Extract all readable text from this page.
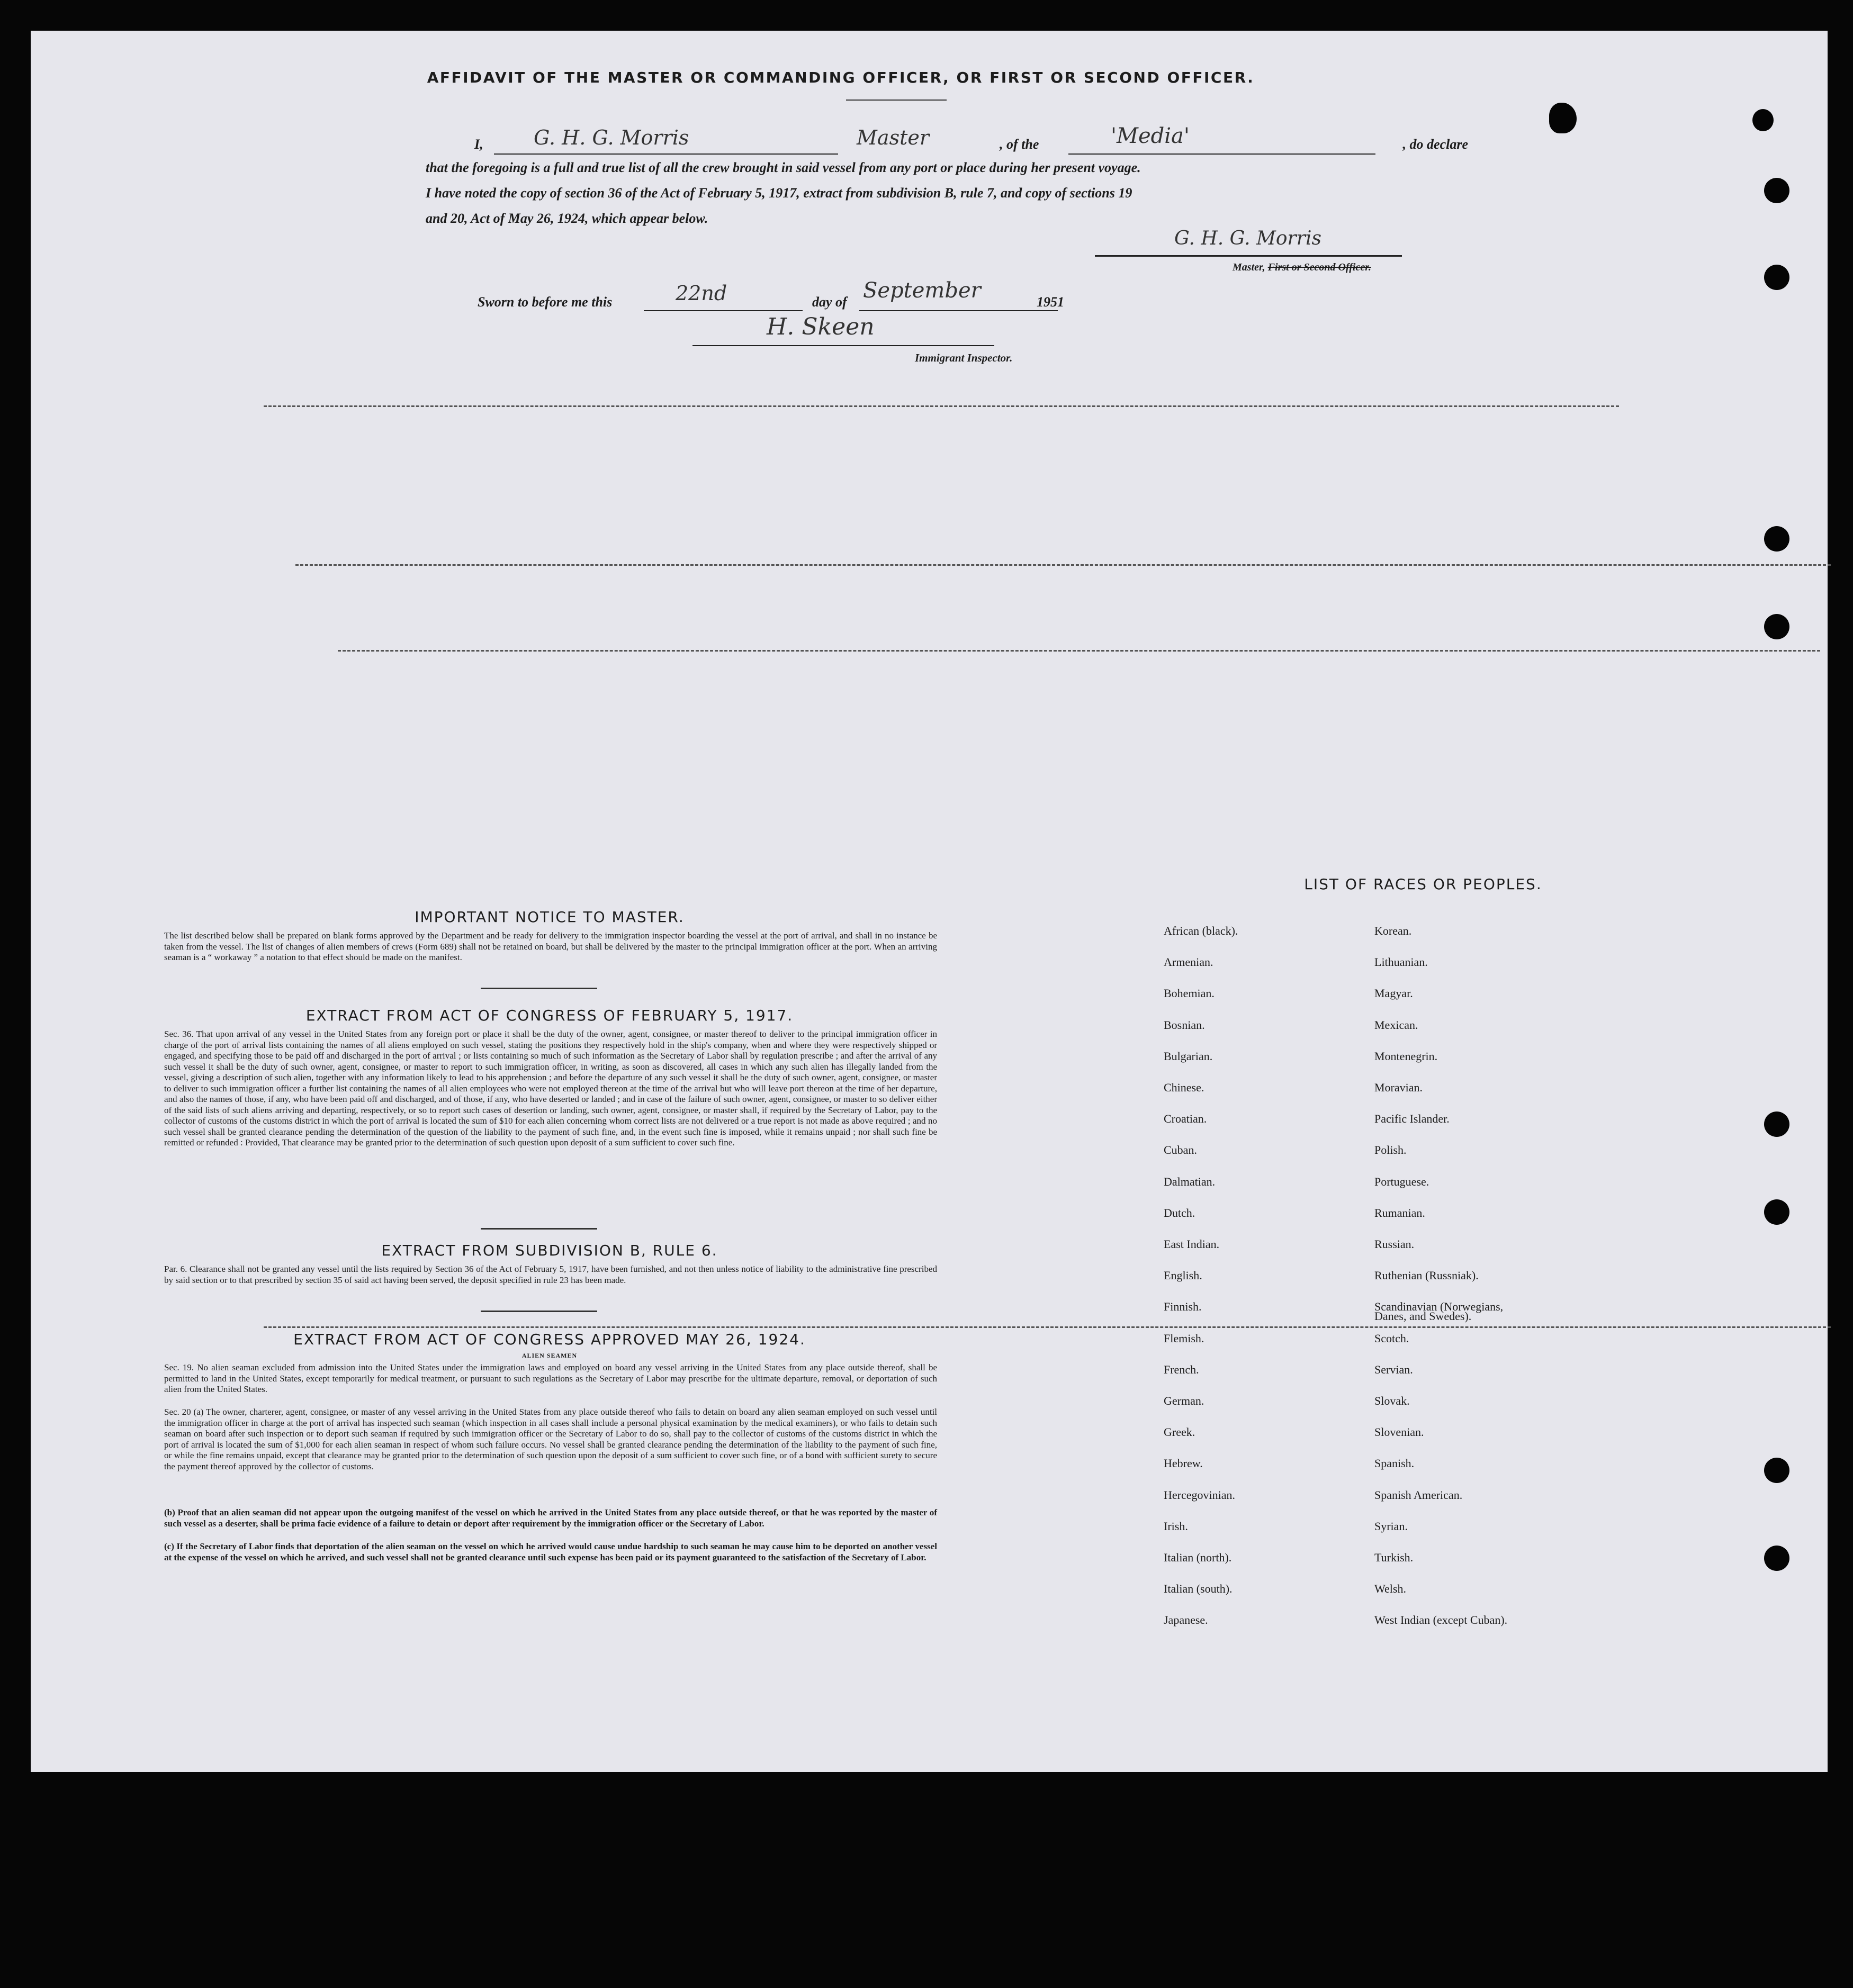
AFFIDAVIT OF THE MASTER OR COMMANDING OFFICER, OR FIRST OR SECOND OFFICER.
I,	G. H. G. Morris	Master	, of the	'Media'	, do declare
that the foregoing is a full and true list of all the crew brought in said vessel from any port or place during her present voyage.
I have noted the copy of section 36 of the Act of February 5, 1917, extract from subdivision B, rule 7, and copy of sections 19
and 20, Act of May 26, 1924, which appear below.
G. H. G. Morris
Master, First or Second Officer.
Sworn to before me this	22nd	day of September	1951
H. Skeen
Immigrant Inspector.
IMPORTANT NOTICE TO MASTER.
The list described below shall be prepared on blank forms approved by the Department and be ready for delivery to the immigration inspector boarding the vessel at the port of arrival, and shall in no instance be taken from the vessel. The list of changes of alien members of crews (Form 689) shall not be retained on board, but shall be delivered by the master to the principal immigration officer at the port. When an arriving seaman is a “ workaway ” a notation to that effect should be made on the manifest.
EXTRACT FROM ACT OF CONGRESS OF FEBRUARY 5, 1917.
Sec. 36. That upon arrival of any vessel in the United States from any foreign port or place it shall be the duty of the owner, agent, consignee, or master thereof to deliver to the principal immigration officer in charge of the port of arrival lists containing the names of all aliens employed on such vessel, stating the positions they respectively hold in the ship's company, when and where they were respectively shipped or engaged, and specifying those to be paid off and discharged in the port of arrival ; or lists containing so much of such information as the Secretary of Labor shall by regulation prescribe ; and after the arrival of any such vessel it shall be the duty of such owner, agent, consignee, or master to report to such immigration officer, in writing, as soon as discovered, all cases in which any such alien has illegally landed from the vessel, giving a description of such alien, together with any information likely to lead to his apprehension ; and before the departure of any such vessel it shall be the duty of such owner, agent, consignee, or master to deliver to such immigration officer a further list containing the names of all alien employees who were not employed thereon at the time of the arrival but who will leave port thereon at the time of her departure, and also the names of those, if any, who have been paid off and discharged, and of those, if any, who have deserted or landed ; and in case of the failure of such owner, agent, consignee, or master to so deliver either of the said lists of such aliens arriving and departing, respectively, or so to report such cases of desertion or landing, such owner, agent, consignee, or master shall, if required by the Secretary of Labor, pay to the collector of customs of the customs district in which the port of arrival is located the sum of $10 for each alien concerning whom correct lists are not delivered or a true report is not made as above required ; and no such vessel shall be granted clearance pending the determination of the question of the liability to the payment of such fine, and, in the event such fine is imposed, while it remains unpaid ; nor shall such fine be remitted or refunded : Provided, That clearance may be granted prior to the determination of such question upon deposit of a sum sufficient to cover such fine.
EXTRACT FROM SUBDIVISION B, RULE 6.
Par. 6. Clearance shall not be granted any vessel until the lists required by Section 36 of the Act of February 5, 1917, have been furnished, and not then unless notice of liability to the administrative fine prescribed by said section or to that prescribed by section 35 of said act having been served, the deposit specified in rule 23 has been made.
EXTRACT FROM ACT OF CONGRESS APPROVED MAY 26, 1924.
ALIEN SEAMEN
Sec. 19. No alien seaman excluded from admission into the United States under the immigration laws and employed on board any vessel arriving in the United States from any place outside thereof, shall be permitted to land in the United States, except temporarily for medical treatment, or pursuant to such regulations as the Secretary of Labor may prescribe for the ultimate departure, removal, or deportation of such alien from the United States.
Sec. 20 (a) The owner, charterer, agent, consignee, or master of any vessel arriving in the United States from any place outside thereof who fails to detain on board any alien seaman employed on such vessel until the immigration officer in charge at the port of arrival has inspected such seaman (which inspection in all cases shall include a personal physical examination by the medical examiners), or who fails to detain such seaman on board after such inspection or to deport such seaman if required by such immigration officer or the Secretary of Labor to do so, shall pay to the collector of customs of the customs district in which the port of arrival is located the sum of $1,000 for each alien seaman in respect of whom such failure occurs. No vessel shall be granted clearance pending the determination of the liability to the payment of such fine, or while the fine remains unpaid, except that clearance may be granted prior to the determination of such question upon the deposit of a sum sufficient to cover such fine, or of a bond with sufficient surety to secure the payment thereof approved by the collector of customs.
(b) Proof that an alien seaman did not appear upon the outgoing manifest of the vessel on which he arrived in the United States from any place outside thereof, or that he was reported by the master of such vessel as a deserter, shall be prima facie evidence of a failure to detain or deport after requirement by the immigration officer or the Secretary of Labor.
(c) If the Secretary of Labor finds that deportation of the alien seaman on the vessel on which he arrived would cause undue hardship to such seaman he may cause him to be deported on another vessel at the expense of the vessel on which he arrived, and such vessel shall not be granted clearance until such expense has been paid or its payment guaranteed to the satisfaction of the Secretary of Labor.
LIST OF RACES OR PEOPLES.
African (black).
Armenian.
Bohemian.
Bosnian.
Bulgarian.
Chinese.
Croatian.
Cuban.
Dalmatian.
Dutch.
East Indian.
English.
Finnish.
Flemish.
French.
German.
Greek.
Hebrew.
Hercegovinian.
Irish.
Italian (north).
Italian (south).
Japanese.
Korean.
Lithuanian.
Magyar.
Mexican.
Montenegrin.
Moravian.
Pacific Islander.
Polish.
Portuguese.
Rumanian.
Russian.
Ruthenian (Russniak).
Scandinavian (Norwegians,
Scotch.
Servian.
Slovak.
Slovenian.
Spanish.
Spanish American.
Syrian.
Turkish.
Welsh.
West Indian (except Cuban).
Danes, and Swedes).
